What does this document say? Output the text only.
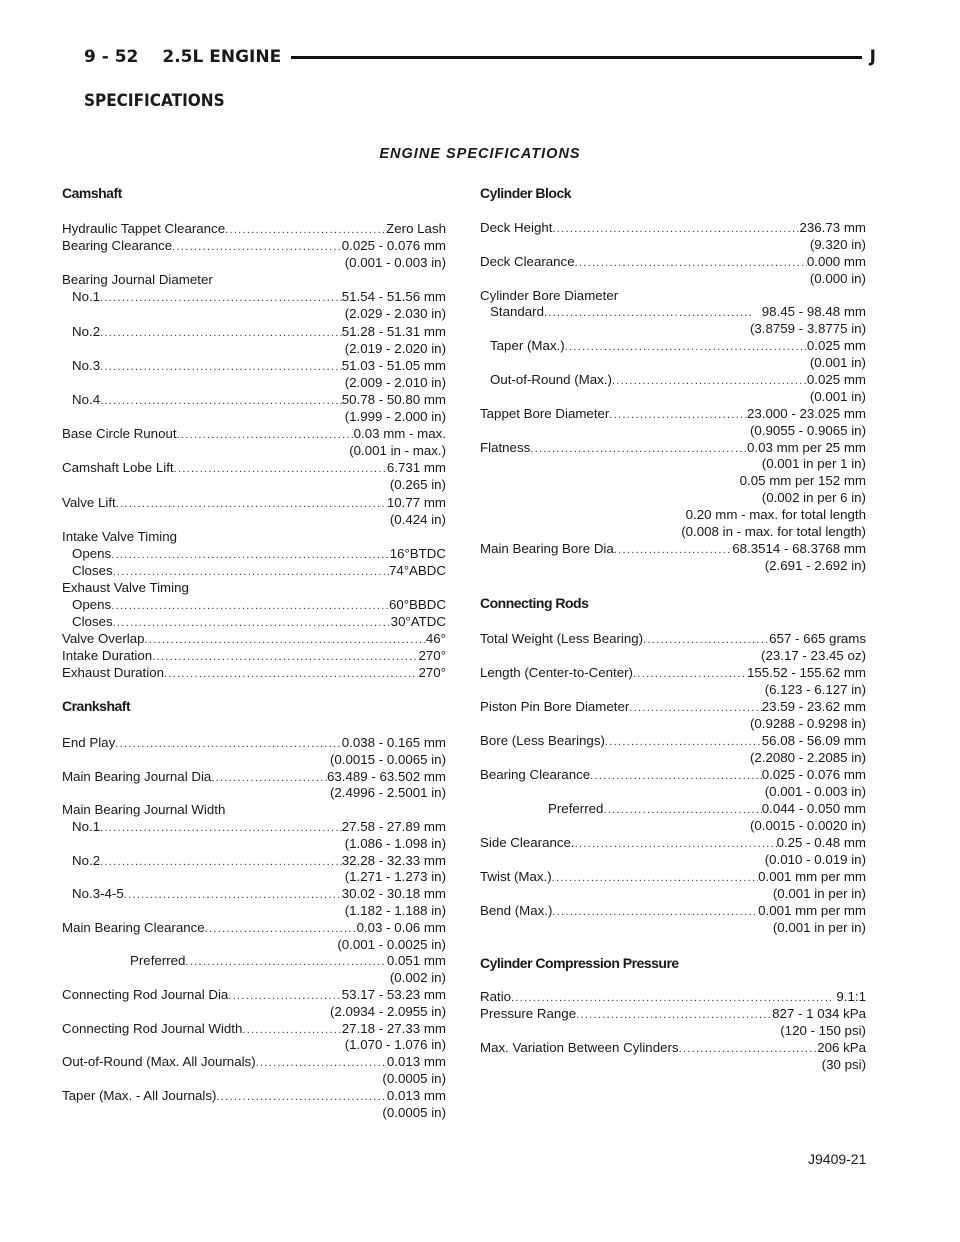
9 - 52 2.5L ENGINE	J
SPECIFICATIONS
ENGINE SPECIFICATIONS
Camshaft
Hydraulic Tappet Clearance .....	Zero Lash
Bearing Clearance .....	0.025 - 0.076 mm
(0.001 - 0.003 in)
Bearing Journal Diameter
No.1 .....	51.54 - 51.56 mm
(2.029 - 2.030 in)
No.2 .....	51.28 - 51.31 mm
(2.019 - 2.020 in)
No.3 .....	51.03 - 51.05 mm
(2.009 - 2.010 in)
No.4 .....	50.78 - 50.80 mm
(1.999 - 2.000 in)
Base Circle Runout .....	0.03 mm - max.
(0.001 in - max.)
Camshaft Lobe Lift .....	6.731 mm
(0.265 in)
Valve Lift .....	10.77 mm
(0.424 in)
Intake Valve Timing
Opens .....	16°BTDC
Closes .....	74°ABDC
Exhaust Valve Timing
Opens .....	60°BBDC
Closes .....	30°ATDC
Valve Overlap .....	46°
Intake Duration .....	270°
Exhaust Duration .....	270°
Crankshaft
End Play .....	0.038 - 0.165 mm
(0.0015 - 0.0065 in)
Main Bearing Journal Dia .....	63.489 - 63.502 mm
(2.4996 - 2.5001 in)
Main Bearing Journal Width
No.1 .....	27.58 - 27.89 mm
(1.086 - 1.098 in)
No.2 .....	32.28 - 32.33 mm
(1.271 - 1.273 in)
No.3-4-5 .....	30.02 - 30.18 mm
(1.182 - 1.188 in)
Main Bearing Clearance .....	0.03 - 0.06 mm
(0.001 - 0.0025 in)
Preferred .....	0.051 mm
(0.002 in)
Connecting Rod Journal Dia .....	53.17 - 53.23 mm
(2.0934 - 2.0955 in)
Connecting Rod Journal Width .....	27.18 - 27.33 mm
(1.070 - 1.076 in)
Out-of-Round (Max. All Journals) .....	0.013 mm
(0.0005 in)
Taper (Max. - All Journals) .....	0.013 mm
(0.0005 in)
Cylinder Block
Deck Height .....	236.73 mm
(9.320 in)
Deck Clearance .....	0.000 mm
(0.000 in)
Cylinder Bore Diameter
Standard .....	98.45 - 98.48 mm
(3.8759 - 3.8775 in)
Taper (Max.) .....	0.025 mm
(0.001 in)
Out-of-Round (Max.) .....	0.025 mm
(0.001 in)
Tappet Bore Diameter .....	23.000 - 23.025 mm
(0.9055 - 0.9065 in)
Flatness .....	0.03 mm per 25 mm
(0.001 in per 1 in)
0.05 mm per 152 mm
(0.002 in per 6 in)
0.20 mm - max. for total length
(0.008 in - max. for total length)
Main Bearing Bore Dia .....	68.3514 - 68.3768 mm
(2.691 - 2.692 in)
Connecting Rods
Total Weight (Less Bearing) .....	657 - 665 grams
(23.17 - 23.45 oz)
Length (Center-to-Center) .....	155.52 - 155.62 mm
(6.123 - 6.127 in)
Piston Pin Bore Diameter .....	23.59 - 23.62 mm
(0.9288 - 0.9298 in)
Bore (Less Bearings) .....	56.08 - 56.09 mm
(2.2080 - 2.2085 in)
Bearing Clearance .....	0.025 - 0.076 mm
(0.001 - 0.003 in)
Preferred .....	0.044 - 0.050 mm
(0.0015 - 0.0020 in)
Side Clearance. .....	0.25 - 0.48 mm
(0.010 - 0.019 in)
Twist (Max.) .....	0.001 mm per mm
(0.001 in per in)
Bend (Max.) .....	0.001 mm per mm
(0.001 in per in)
Cylinder Compression Pressure
Ratio .....	9.1:1
Pressure Range .....	827 - 1 034 kPa
(120 - 150 psi)
Max. Variation Between Cylinders .....	206 kPa
(30 psi)
J9409-21
